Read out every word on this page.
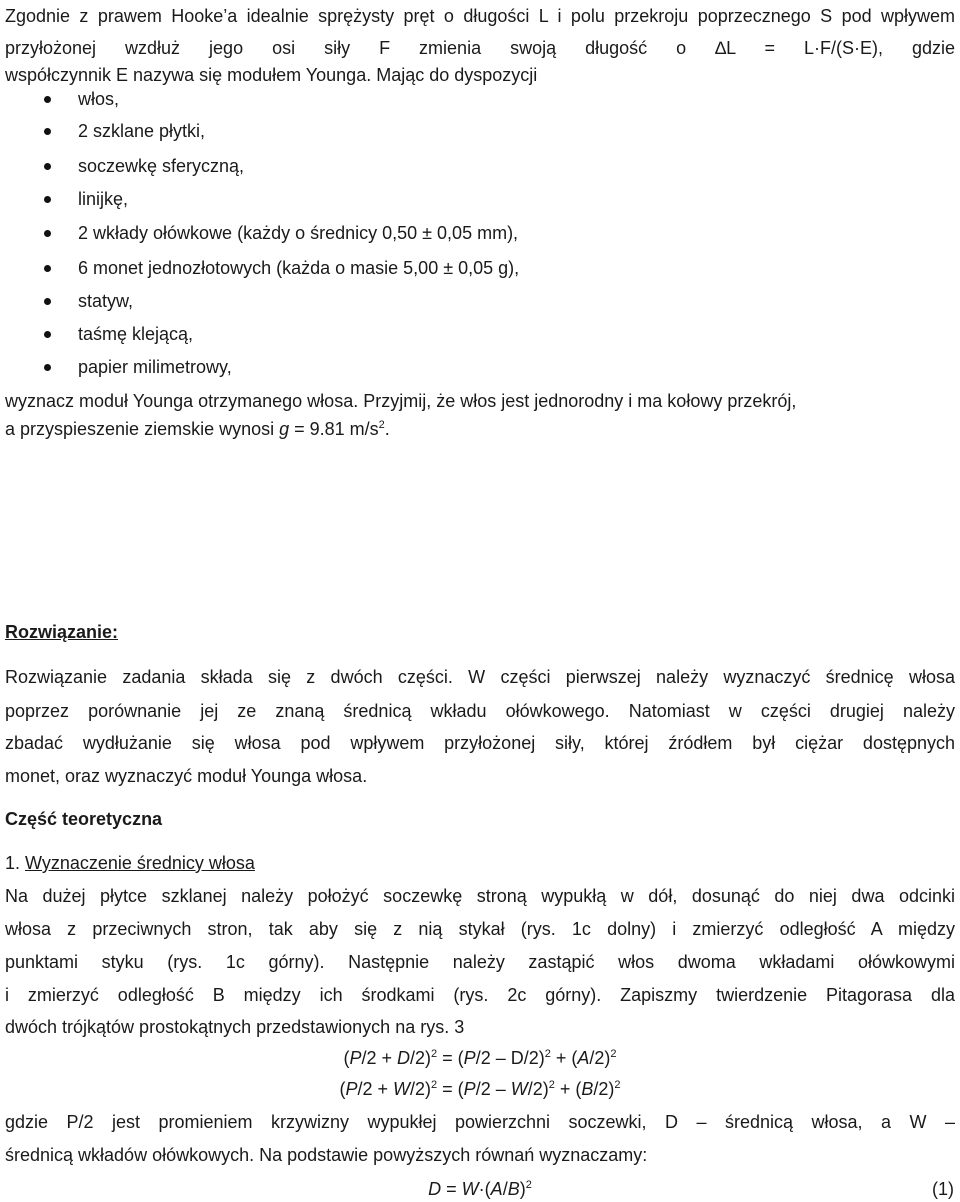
Zgodnie z prawem Hooke’a idealnie sprężysty pręt o długości L i polu przekroju poprzecznego S pod wpływem przyłożonej wzdłuż jego osi siły F zmienia swoją długość o ∆L = L·F/(S·E), gdzie
współczynnik E nazywa się modułem Younga. Mając do dyspozycji
włos,
2 szklane płytki,
soczewkę sferyczną,
linijkę,
2 wkłady ołówkowe (każdy o średnicy 0,50 ± 0,05 mm),
6 monet jednozłotowych (każda o masie 5,00 ± 0,05 g),
statyw,
taśmę klejącą,
papier milimetrowy,
wyznacz moduł Younga otrzymanego włosa. Przyjmij, że włos jest jednorodny i ma kołowy przekrój,
a przyspieszenie ziemskie wynosi g = 9.81 $m/s^2$.
Rozwiązanie:
Rozwiązanie zadania składa się z dwóch części. W części pierwszej należy wyznaczyć średnicę włosa
poprzez porównanie jej ze znaną średnicą wkładu ołówkowego. Natomiast w części drugiej należy
zbadać wydłużanie się włosa pod wpływem przyłożonej siły, której źródłem był ciężar dostępnych
monet, oraz wyznaczyć moduł Younga włosa.
Część teoretyczna
1. Wyznaczenie średnicy włosa
Na dużej płytce szklanej należy położyć soczewkę stroną wypukłą w dół, dosunąć do niej dwa odcinki
włosa z przeciwnych stron, tak aby się z nią stykał (rys. 1c dolny) i zmierzyć odległość A między
punktami styku (rys. 1c górny). Następnie należy zastąpić włos dwoma wkładami ołówkowymi
i zmierzyć odległość B między ich środkami (rys. 2c górny). Zapiszmy twierdzenie Pitagorasa dla
dwóch trójkątów prostokątnych przedstawionych na rys. 3
$(P/2 + D/2)^2 = (P/2 - D/2)^2 + (A/2)^2$
$(P/2 + W/2)^2 = (P/2 - W/2)^2 + (B/2)^2$
gdzie P/2 jest promieniem krzywizny wypukłej powierzchni soczewki, D – średnicą włosa, a W –
średnicą wkładów ołówkowych. Na podstawie powyższych równań wyznaczamy:
$D = W\cdot(A/B)^2$	(1)
